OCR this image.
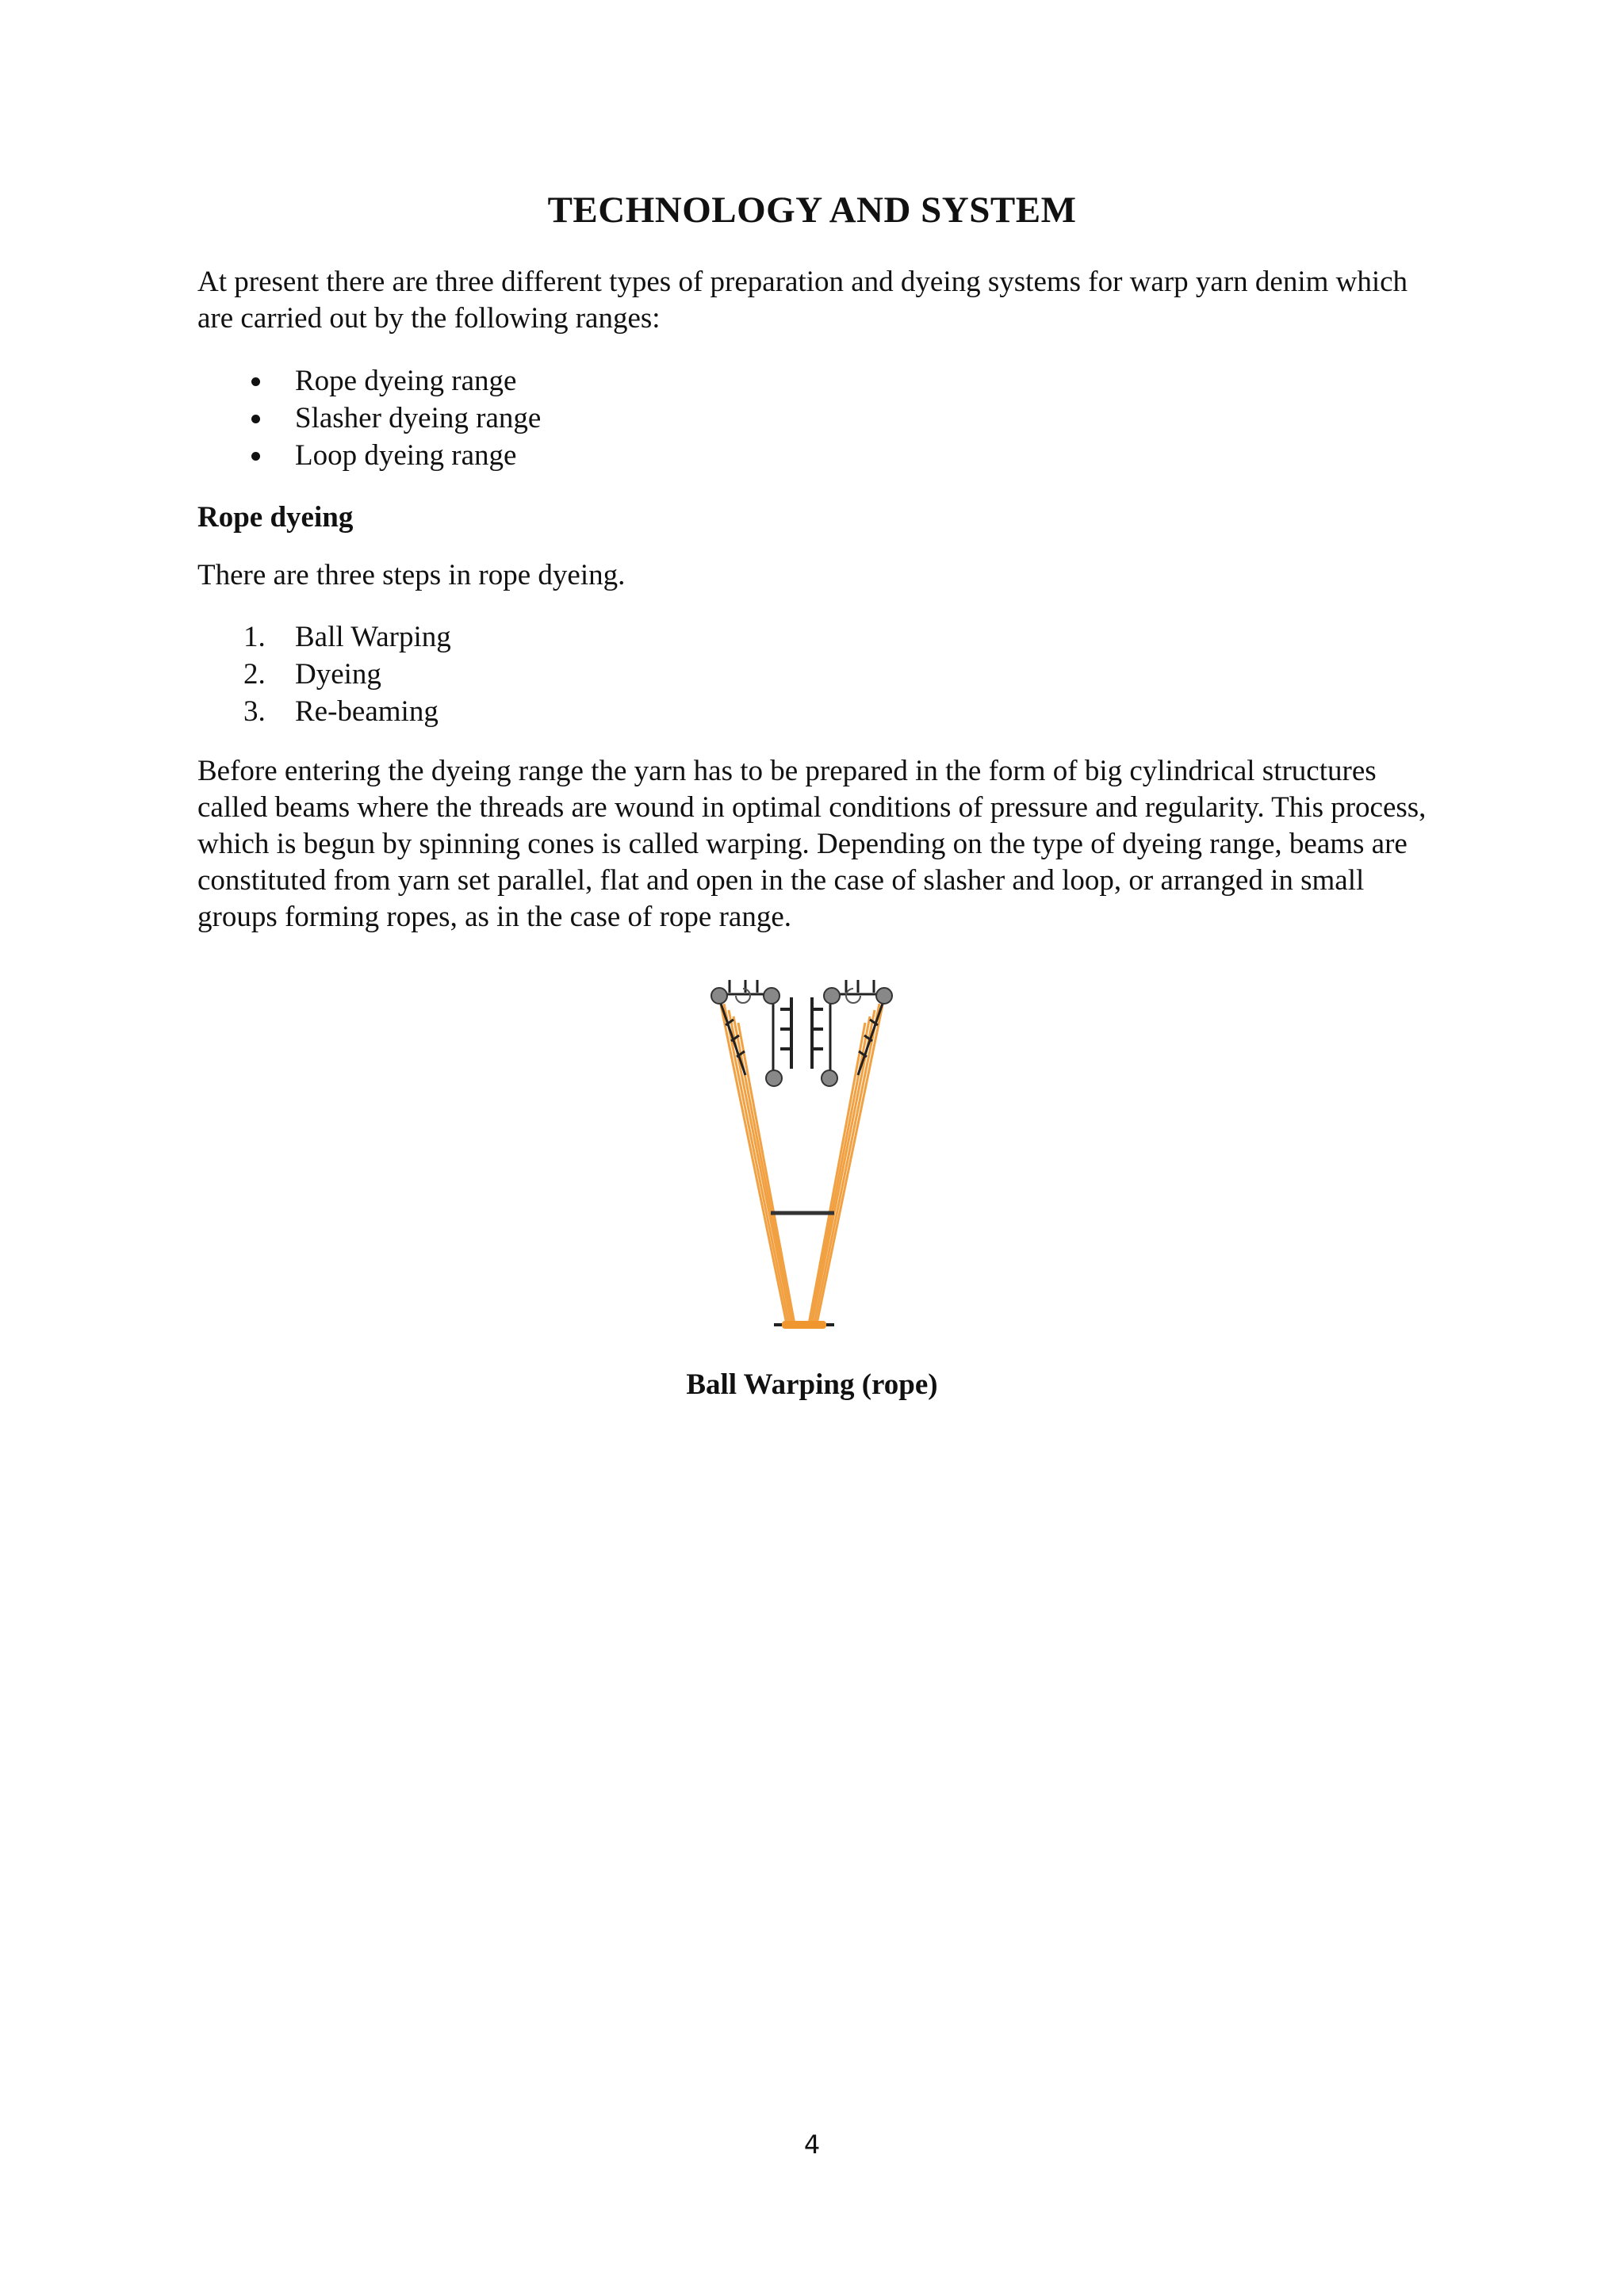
TECHNOLOGY AND SYSTEM

At present there are three different types of preparation and dyeing systems for warp yarn denim which are carried out by the following ranges:

Rope dyeing range
Slasher dyeing range
Loop dyeing range
Rope dyeing

There are three steps in rope dyeing.

1.	Ball Warping
2.	Dyeing
3.	Re-beaming

Before entering the dyeing range the yarn has to be prepared in the form of big cylindrical structures called beams where the threads are wound in optimal conditions of pressure and regularity. This process, which is begun by spinning cones is called warping. Depending on the type of dyeing range, beams are constituted from yarn set parallel, flat and open in the case of slasher and loop, or arranged in small groups forming ropes, as in the case of rope range.

Ball Warping (rope)
4
